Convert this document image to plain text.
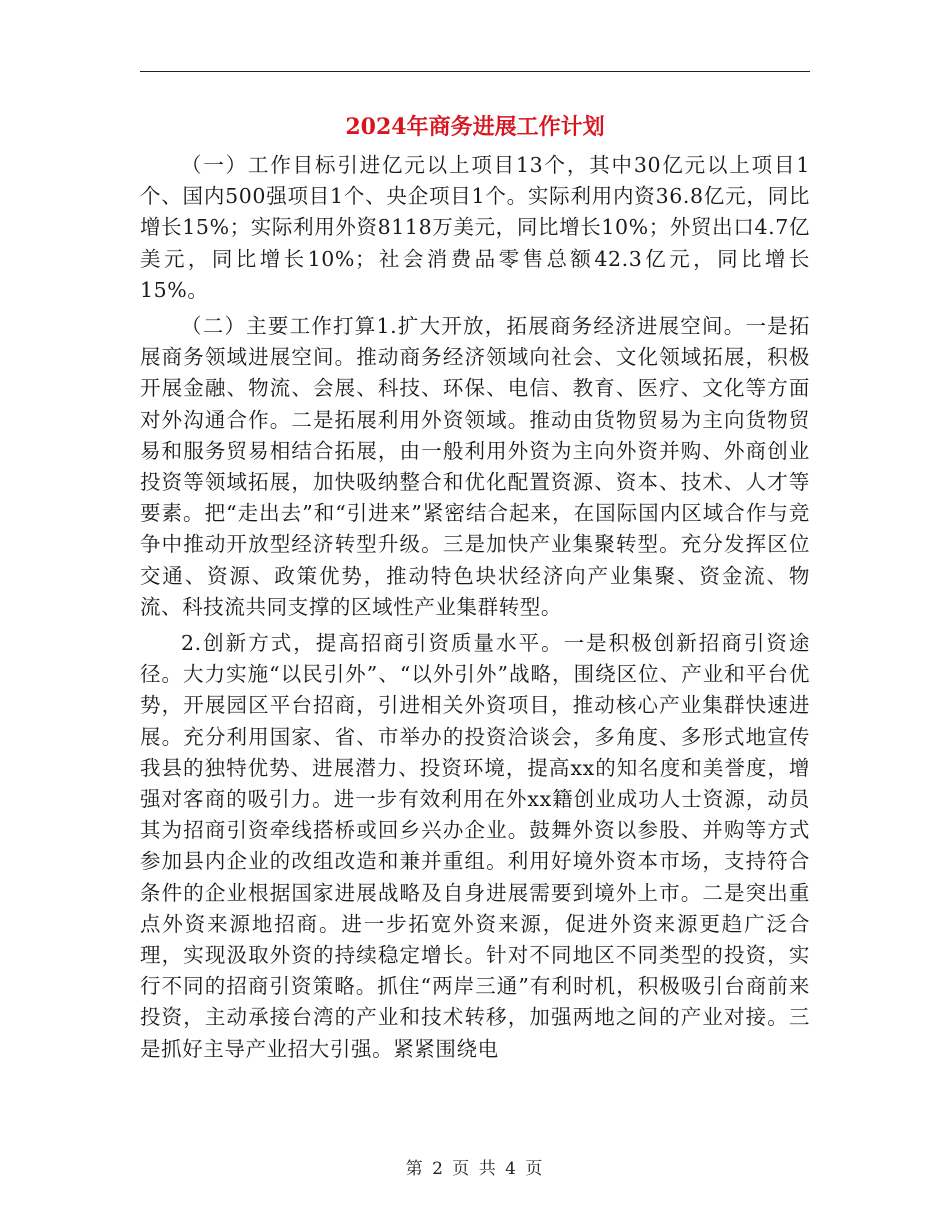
2024年商务进展工作计划

（一）工作目标引进亿元以上项目13个，其中30亿元以上项目1个、国内500强项目1个、央企项目1个。实际利用内资36.8亿元，同比增长15%；实际利用外资8118万美元，同比增长10%；外贸出口4.7亿美元，同比增长10%；社会消费品零售总额42.3亿元，同比增长15%。

（二）主要工作打算1.扩大开放，拓展商务经济进展空间。一是拓展商务领域进展空间。推动商务经济领域向社会、文化领域拓展，积极开展金融、物流、会展、科技、环保、电信、教育、医疗、文化等方面对外沟通合作。二是拓展利用外资领域。推动由货物贸易为主向货物贸易和服务贸易相结合拓展，由一般利用外资为主向外资并购、外商创业投资等领域拓展，加快吸纳整合和优化配置资源、资本、技术、人才等要素。把“走出去”和“引进来”紧密结合起来，在国际国内区域合作与竞争中推动开放型经济转型升级。三是加快产业集聚转型。充分发挥区位交通、资源、政策优势，推动特色块状经济向产业集聚、资金流、物流、科技流共同支撑的区域性产业集群转型。

2.创新方式，提高招商引资质量水平。一是积极创新招商引资途径。大力实施“以民引外”、“以外引外”战略，围绕区位、产业和平台优势，开展园区平台招商，引进相关外资项目，推动核心产业集群快速进展。充分利用国家、省、市举办的投资洽谈会，多角度、多形式地宣传我县的独特优势、进展潜力、投资环境，提高xx的知名度和美誉度，增强对客商的吸引力。进一步有效利用在外xx籍创业成功人士资源，动员其为招商引资牵线搭桥或回乡兴办企业。鼓舞外资以参股、并购等方式参加县内企业的改组改造和兼并重组。利用好境外资本市场，支持符合条件的企业根据国家进展战略及自身进展需要到境外上市。二是突出重点外资来源地招商。进一步拓宽外资来源，促进外资来源更趋广泛合理，实现汲取外资的持续稳定增长。针对不同地区不同类型的投资，实行不同的招商引资策略。抓住“两岸三通”有利时机，积极吸引台商前来投资，主动承接台湾的产业和技术转移，加强两地之间的产业对接。三是抓好主导产业招大引强。紧紧围绕电

第 2 页 共 4 页
